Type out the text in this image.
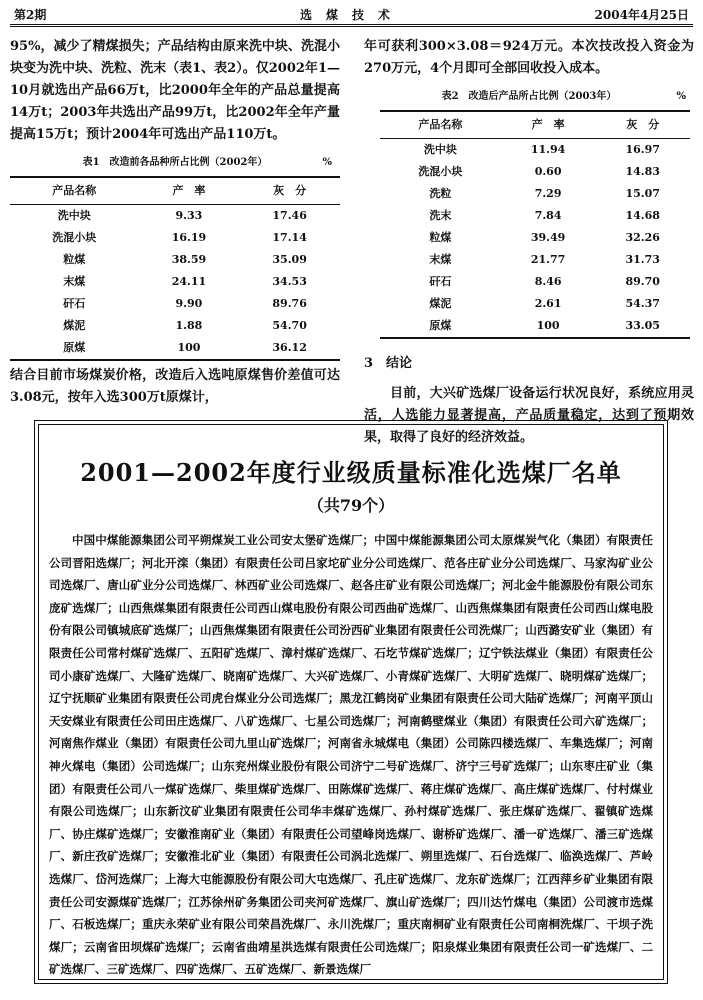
第2期	选煤技术	2004年4月25日

95%，减少了精煤损失；产品结构由原来洗中块、洗混小块变为洗中块、洗粒、洗末（表1、表2）。仅2002年1—10月就选出产品66万t，比2000年全年的产品总量提高14万t；2003年共选出产品99万t，比2002年全年产量提高15万t；预计2004年可选出产品110万t。

表1　改造前各品种所占比例（2002年）	%
产品名称	产　率	灰　分
洗中块	9.33	17.46
洗混小块	16.19	17.14
粒煤	38.59	35.09
末煤	24.11	34.53
矸石	9.90	89.76
煤泥	1.88	54.70
原煤	100	36.12

结合目前市场煤炭价格，改造后入选吨原煤售价差值可达3.08元，按年入选300万t原煤计，

年可获利300×3.08＝924万元。本次技改投入资金为270万元，4个月即可全部回收投入成本。

表2　改造后产品所占比例（2003年）	%
产品名称	产　率	灰　分
洗中块	11.94	16.97
洗混小块	0.60	14.83
洗粒	7.29	15.07
洗末	7.84	14.68
粒煤	39.49	32.26
末煤	21.77	31.73
矸石	8.46	89.70
煤泥	2.61	54.37
原煤	100	33.05
3　结论

目前，大兴矿选煤厂设备运行状况良好，系统应用灵活，人选能力显著提高，产品质量稳定，达到了预期效果，取得了良好的经济效益。

2001—2002年度行业级质量标准化选煤厂名单
（共79个）

中国中煤能源集团公司平朔煤炭工业公司安太堡矿选煤厂；中国中煤能源集团公司太原煤炭气化（集团）有限责任公司晋阳选煤厂；河北开滦（集团）有限责任公司吕家坨矿业分公司选煤厂、范各庄矿业分公司选煤厂、马家沟矿业公司选煤厂、唐山矿业分公司选煤厂、林西矿业公司选煤厂、赵各庄矿业有限公司选煤厂；河北金牛能源股份有限公司东庞矿选煤厂；山西焦煤集团有限责任公司西山煤电股份有限公司西曲矿选煤厂、山西焦煤集团有限责任公司西山煤电股份有限公司镇城底矿选煤厂；山西焦煤集团有限责任公司汾西矿业集团有限责任公司洗煤厂；山西潞安矿业（集团）有限责任公司常村煤矿选煤厂、五阳矿选煤厂、漳村煤矿选煤厂、石圪节煤矿选煤厂；辽宁铁法煤业（集团）有限责任公司小康矿选煤厂、大隆矿选煤厂、晓南矿选煤厂、大兴矿选煤厂、小青煤矿选煤厂、大明矿选煤厂、晓明煤矿选煤厂；辽宁抚顺矿业集团有限责任公司虎台煤业分公司选煤厂；黑龙江鹤岗矿业集团有限责任公司大陆矿选煤厂；河南平顶山天安煤业有限责任公司田庄选煤厂、八矿选煤厂、七星公司选煤厂；河南鹤壁煤业（集团）有限责任公司六矿选煤厂；河南焦作煤业（集团）有限责任公司九里山矿选煤厂；河南省永城煤电（集团）公司陈四楼选煤厂、车集选煤厂；河南神火煤电（集团）公司选煤厂；山东兖州煤业股份有限公司济宁二号矿选煤厂、济宁三号矿选煤厂；山东枣庄矿业（集团）有限责任公司八一煤矿选煤厂、柴里煤矿选煤厂、田陈煤矿选煤厂、蒋庄煤矿选煤厂、高庄煤矿选煤厂、付村煤业有限公司选煤厂；山东新汶矿业集团有限责任公司华丰煤矿选煤厂、孙村煤矿选煤厂、张庄煤矿选煤厂、翟镇矿选煤厂、协庄煤矿选煤厂；安徽淮南矿业（集团）有限责任公司望峰岗选煤厂、谢桥矿选煤厂、潘一矿选煤厂、潘三矿选煤厂、新庄孜矿选煤厂；安徽淮北矿业（集团）有限责任公司涡北选煤厂、朔里选煤厂、石台选煤厂、临涣选煤厂、芦岭选煤厂、岱河选煤厂；上海大屯能源股份有限公司大屯选煤厂、孔庄矿选煤厂、龙东矿选煤厂；江西萍乡矿业集团有限责任公司安源煤矿选煤厂；江苏徐州矿务集团公司夹河矿选煤厂、旗山矿选煤厂；四川达竹煤电（集团）公司渡市选煤厂、石板选煤厂；重庆永荣矿业有限公司荣昌洗煤厂、永川洗煤厂；重庆南桐矿业有限责任公司南桐洗煤厂、干坝子洗煤厂；云南省田坝煤矿选煤厂；云南省曲靖星洪选煤有限责任公司选煤厂；阳泉煤业集团有限责任公司一矿选煤厂、二矿选煤厂、三矿选煤厂、四矿选煤厂、五矿选煤厂、新景选煤厂
